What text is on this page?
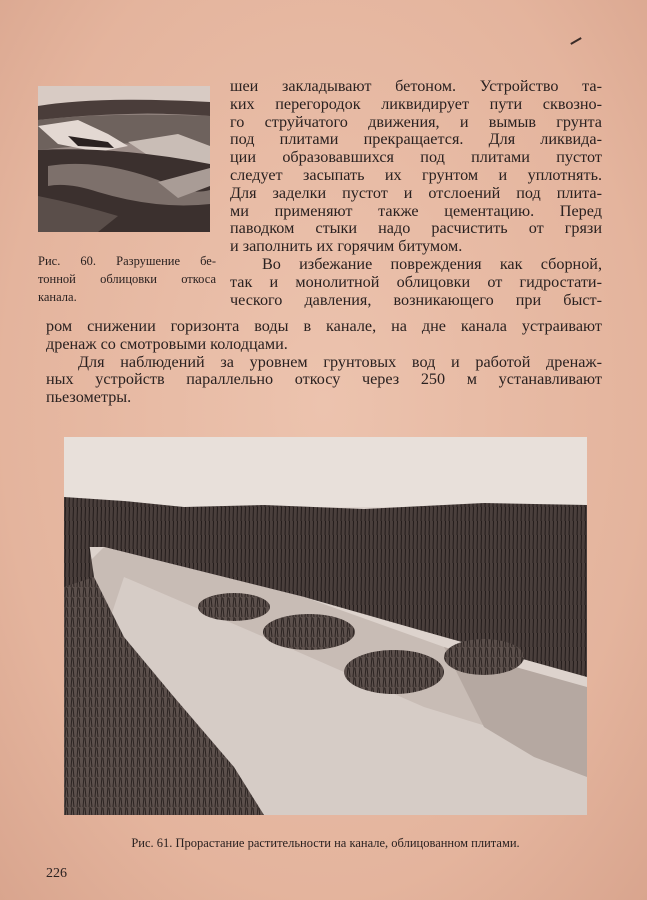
Рис. 60. Разрушение бе-
тонной облицовки откоса
канала.
шеи закладывают бетоном. Устройство та-
ких перегородок ликвидирует пути сквозно-
го струйчатого движения, и вымыв грунта
под плитами прекращается. Для ликвида-
ции образовавшихся под плитами пустот
следует засыпать их грунтом и уплотнять.
Для заделки пустот и отслоений под плита-
ми применяют также цементацию. Перед
паводком стыки надо расчистить от грязи
и заполнить их горячим битумом.
Во избежание повреждения как сборной,
так и монолитной облицовки от гидростати-
ческого давления, возникающего при быст-
ром снижении горизонта воды в канале, на дне канала устраивают
дренаж со смотровыми колодцами.
Для наблюдений за уровнем грунтовых вод и работой дренаж-
ных устройств параллельно откосу через 250 м устанавливают
пьезометры.
Рис. 61. Прорастание растительности на канале, облицованном плитами.
226
